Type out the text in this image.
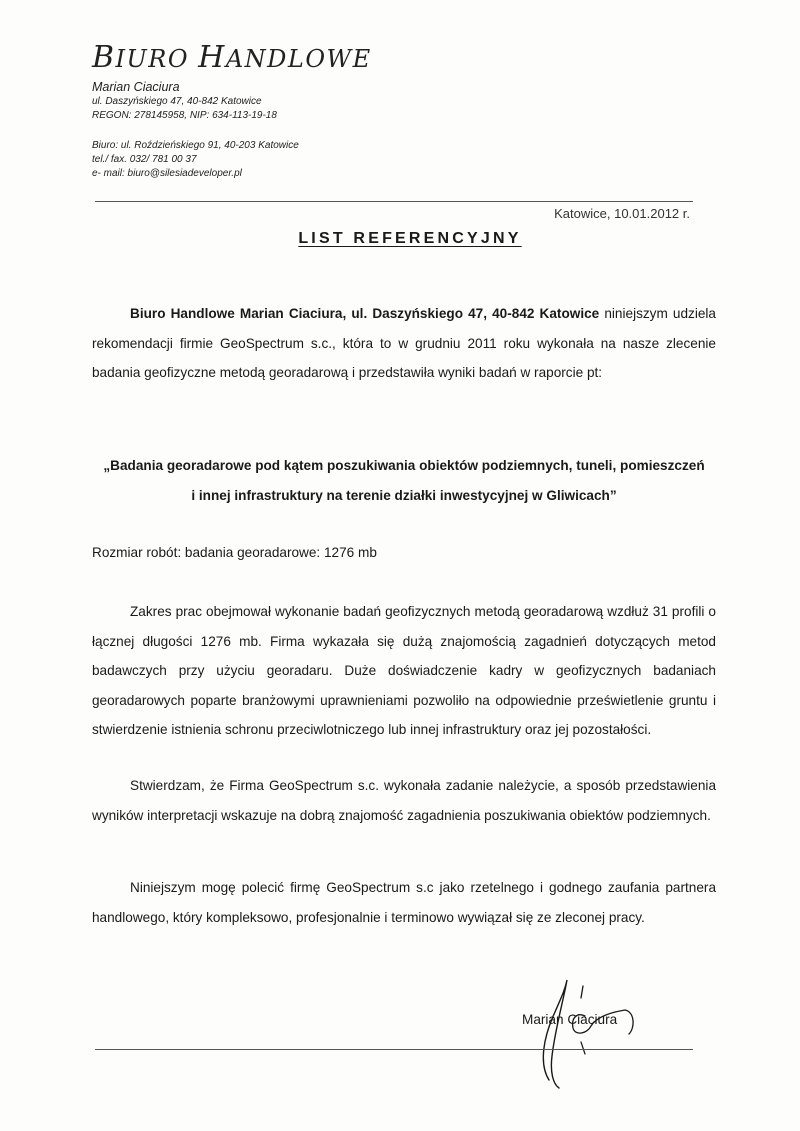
BIURO HANDLOWE
Marian Ciaciura
ul. Daszyńskiego 47, 40-842 Katowice
REGON: 278145958, NIP: 634-113-19-18
Biuro: ul. Roździeńskiego 91, 40-203 Katowice
tel./ fax. 032/ 781 00 37
e- mail: biuro@silesiadeveloper.pl
Katowice, 10.01.2012 r.
LIST REFERENCYJNY
Biuro Handlowe Marian Ciaciura, ul. Daszyńskiego 47, 40-842 Katowice niniejszym udziela rekomendacji firmie GeoSpectrum s.c., która to w grudniu 2011 roku wykonała na nasze zlecenie badania geofizyczne metodą georadarową i przedstawiła wyniki badań w raporcie pt:
„Badania georadarowe pod kątem poszukiwania obiektów podziemnych, tuneli, pomieszczeń
i innej infrastruktury na terenie działki inwestycyjnej w Gliwicach”
Rozmiar robót: badania georadarowe: 1276 mb
Zakres prac obejmował wykonanie badań geofizycznych metodą georadarową wzdłuż 31 profili o łącznej długości 1276 mb. Firma wykazała się dużą znajomością zagadnień dotyczących metod badawczych przy użyciu georadaru. Duże doświadczenie kadry w geofizycznych badaniach georadarowych poparte branżowymi uprawnieniami pozwoliło na odpowiednie prześwietlenie gruntu i stwierdzenie istnienia schronu przeciwlotniczego lub innej infrastruktury oraz jej pozostałości.
Stwierdzam, że Firma GeoSpectrum s.c. wykonała zadanie należycie, a sposób przedstawienia wyników interpretacji wskazuje na dobrą znajomość zagadnienia poszukiwania obiektów podziemnych.
Niniejszym mogę polecić firmę GeoSpectrum s.c jako rzetelnego i godnego zaufania partnera handlowego, który kompleksowo, profesjonalnie i terminowo wywiązał się ze zleconej pracy.
Marian Ciaciura
